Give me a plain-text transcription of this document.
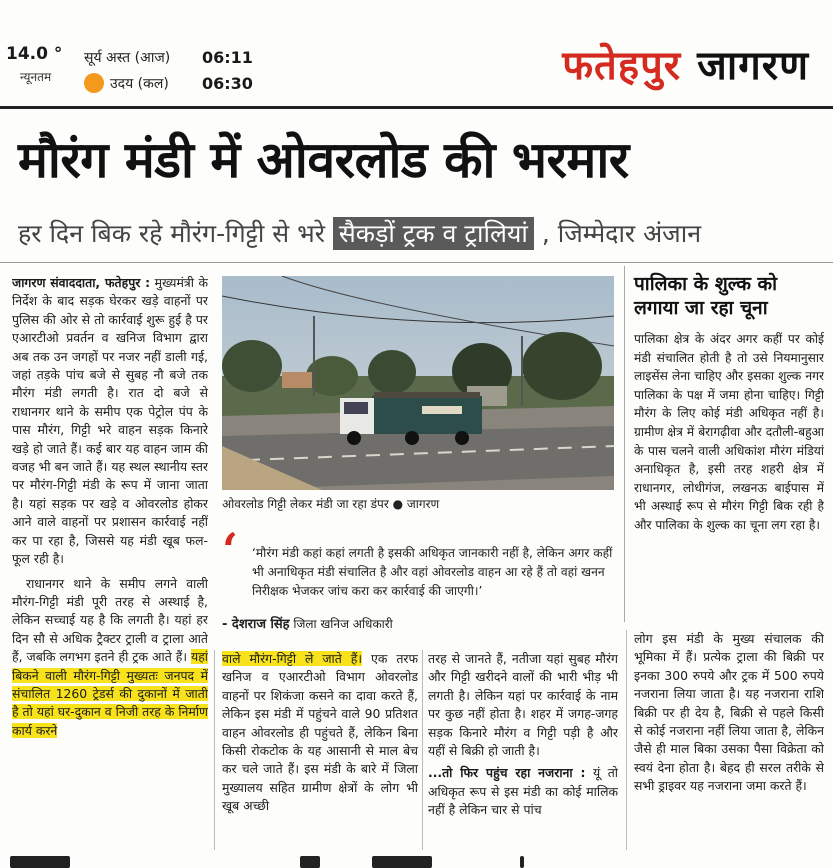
14.0 °
न्यूनतम
सूर्य अस्त (आज)	06:11
उदय (कल)	06:30	फतेहपुर जागरण
मौरंग मंडी में ओवरलोड की भरमार
हर दिन बिक रहे मौरंग-गिट्टी से भरे सैकड़ों ट्रक व ट्रालियां , जिम्मेदार अंजान

जागरण संवाददाता, फतेहपुर : मुख्यमंत्री के निर्देश के बाद सड़क घेरकर खड़े वाहनों पर पुलिस की ओर से तो कार्रवाई शुरू हुई है पर एआरटीओ प्रवर्तन व खनिज विभाग द्वारा अब तक उन जगहों पर नजर नहीं डाली गई, जहां तड़के पांच बजे से सुबह नौ बजे तक मौरंग मंडी लगती है। रात दो बजे से राधानगर थाने के समीप एक पेट्रोल पंप के पास मौरंग, गिट्टी भरे वाहन सड़क किनारे खड़े हो जाते हैं। कई बार यह वाहन जाम की वजह भी बन जाते हैं। यह स्थल स्थानीय स्तर पर मौरंग-गिट्टी मंडी के रूप में जाना जाता है। यहां सड़क पर खड़े व ओवरलोड होकर आने वाले वाहनों पर प्रशासन कार्रवाई नहीं कर पा रहा है, जिससे यह मंडी खूब फल-फूल रही है।

राधानगर थाने के समीप लगने वाली मौरंग-गिट्टी मंडी पूरी तरह से अस्थाई है, लेकिन सच्चाई यह है कि लगती है। यहां हर दिन सौ से अधिक ट्रैक्टर ट्राली व ट्राला आते हैं, जबकि लगभग इतने ही ट्रक आते हैं। यहां बिकने वाली मौरंग-गिट्टी मुख्यतः जनपद में संचालित 1260 ट्रेडर्स की दुकानों में जाती है तो यहां घर-दुकान व निजी तरह के निर्माण कार्य करने

ओवरलोड गिट्टी लेकर मंडी जा रहा डंपर ● जागरण
‘ ‘मौरंग मंडी कहां कहां लगती है इसकी अधिकृत जानकारी नहीं है, लेकिन अगर कहीं भी अनाधिकृत मंडी संचालित है और वहां ओवरलोड वाहन आ रहे हैं तो वहां खनन निरीक्षक भेजकर जांच करा कर कार्रवाई की जाएगी।’
- देशराज सिंह जिला खनिज अधिकारी
पालिका के शुल्क को लगाया जा रहा चूना
पालिका क्षेत्र के अंदर अगर कहीं पर कोई मंडी संचालित होती है तो उसे नियमानुसार लाइसेंस लेना चाहिए और इसका शुल्क नगर पालिका के पक्ष में जमा होना चाहिए। गिट्टी मौरंग के लिए कोई मंडी अधिकृत नहीं है। ग्रामीण क्षेत्र में बेरागढ़ीवा और दतौली-बहुआ के पास चलने वाली अधिकांश मौरंग मंडियां अनाधिकृत है, इसी तरह शहरी क्षेत्र में राधानगर, लोधीगंज, लखनऊ बाईपास में भी अस्थाई रूप से मौरंग गिट्टी बिक रही है और पालिका के शुल्क का चूना लग रहा है।
वाले मौरंग-गिट्टी ले जाते हैं। एक तरफ खनिज व एआरटीओ विभाग ओवरलोड वाहनों पर शिकंजा कसने का दावा करते हैं, लेकिन इस मंडी में पहुंचने वाले 90 प्रतिशत वाहन ओवरलोड ही पहुंचते हैं, लेकिन बिना किसी रोकटोक के यह आसानी से माल बेच कर चले जाते हैं। इस मंडी के बारे में जिला मुख्यालय सहित ग्रामीण क्षेत्रों के लोग भी खूब अच्छी
तरह से जानते हैं, नतीजा यहां सुबह मौरंग और गिट्टी खरीदने वालों की भारी भीड़ भी लगती है। लेकिन यहां पर कार्रवाई के नाम पर कुछ नहीं होता है। शहर में जगह-जगह सड़क किनारे मौरंग व गिट्टी पड़ी है और यहीं से बिक्री हो जाती है।

...तो फिर पहुंच रहा नजराना : यूं तो अधिकृत रूप से इस मंडी का कोई मालिक नहीं है लेकिन चार से पांच

लोग इस मंडी के मुख्य संचालक की भूमिका में हैं। प्रत्येक ट्राला की बिक्री पर इनका 300 रुपये और ट्रक में 500 रुपये नजराना लिया जाता है। यह नजराना राशि बिक्री पर ही देय है, बिक्री से पहले किसी से कोई नजराना नहीं लिया जाता है, लेकिन जैसे ही माल बिका उसका पैसा विक्रेता को स्वयं देना होता है। बेहद ही सरल तरीके से सभी ड्राइवर यह नजराना जमा करते हैं।
